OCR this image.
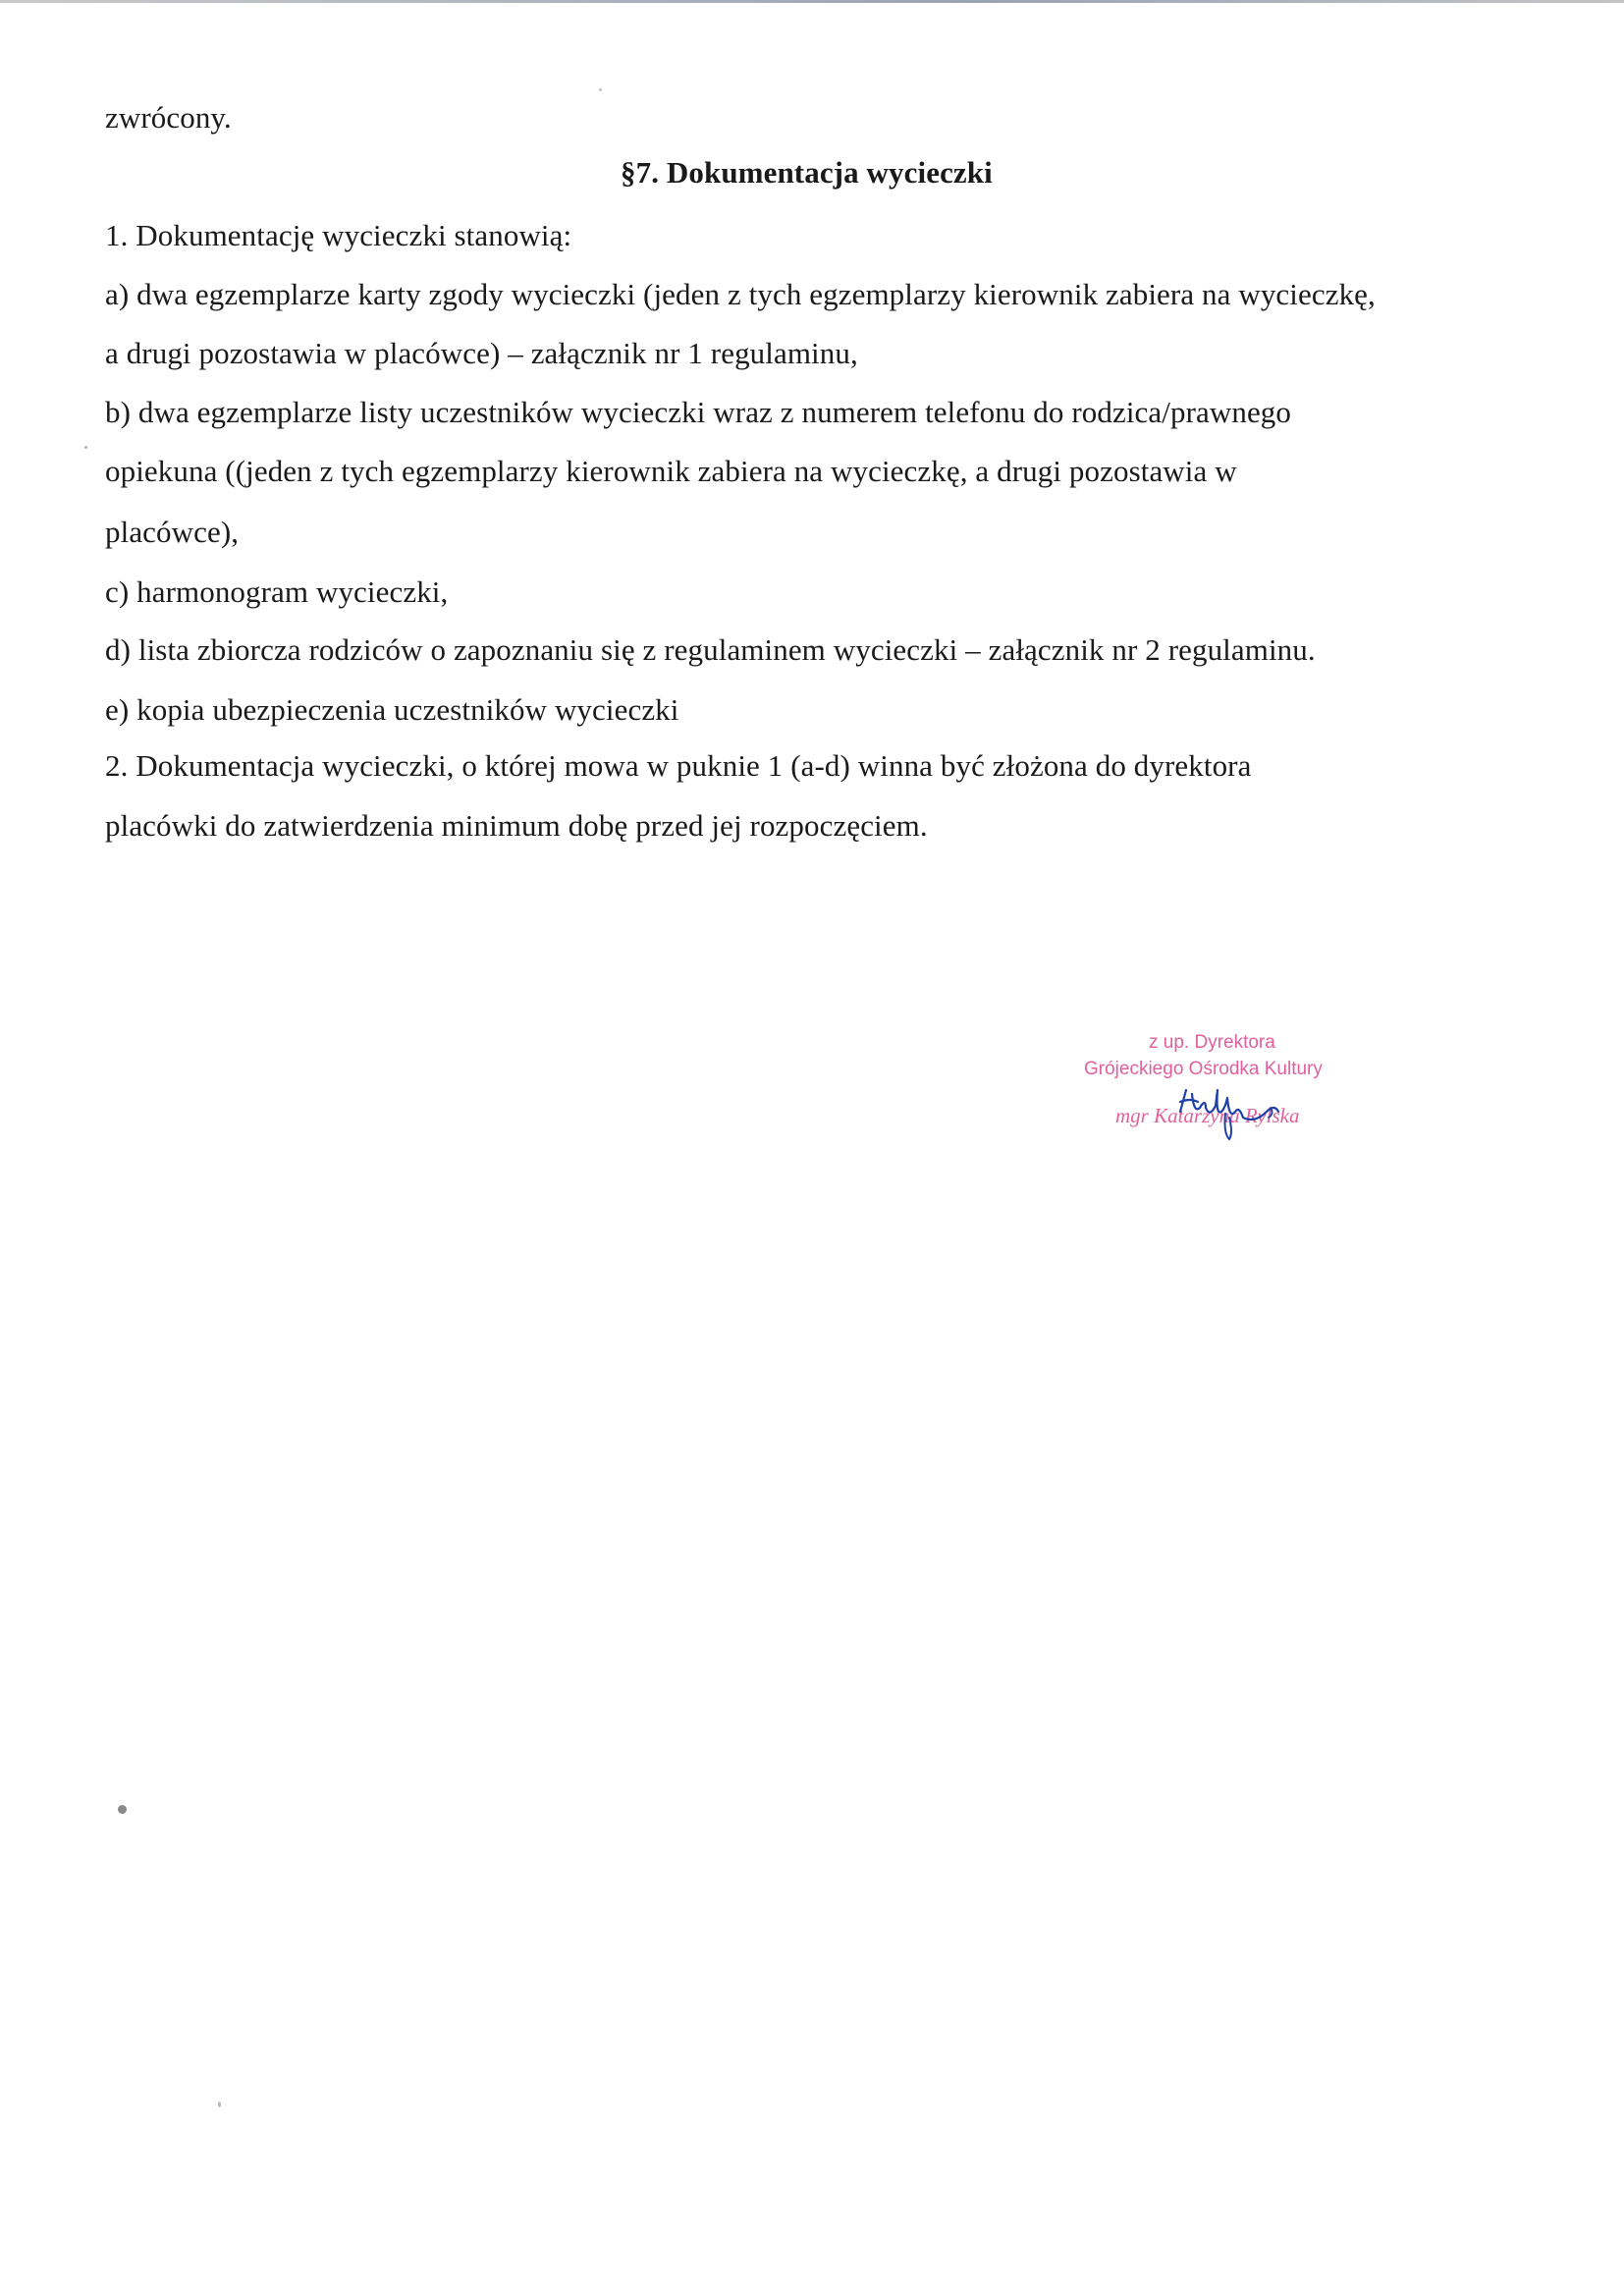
zwrócony.
§7. Dokumentacja wycieczki
1. Dokumentację wycieczki stanowią:
a) dwa egzemplarze karty zgody wycieczki (jeden z tych egzemplarzy kierownik zabiera na wycieczkę,
a drugi pozostawia w placówce) – załącznik nr 1 regulaminu,
b) dwa egzemplarze listy uczestników wycieczki wraz z numerem telefonu do rodzica/prawnego
opiekuna ((jeden z tych egzemplarzy kierownik zabiera na wycieczkę, a drugi pozostawia w
placówce),
c) harmonogram wycieczki,
d) lista zbiorcza rodziców o zapoznaniu się z regulaminem wycieczki – załącznik nr 2 regulaminu.
e) kopia ubezpieczenia uczestników wycieczki
2. Dokumentacja wycieczki, o której mowa w puknie 1 (a-d) winna być złożona do dyrektora
placówki do zatwierdzenia minimum dobę przed jej rozpoczęciem.
z up. Dyrektora
Grójeckiego Ośrodka Kultury
mgr Katarzyna Rylska
